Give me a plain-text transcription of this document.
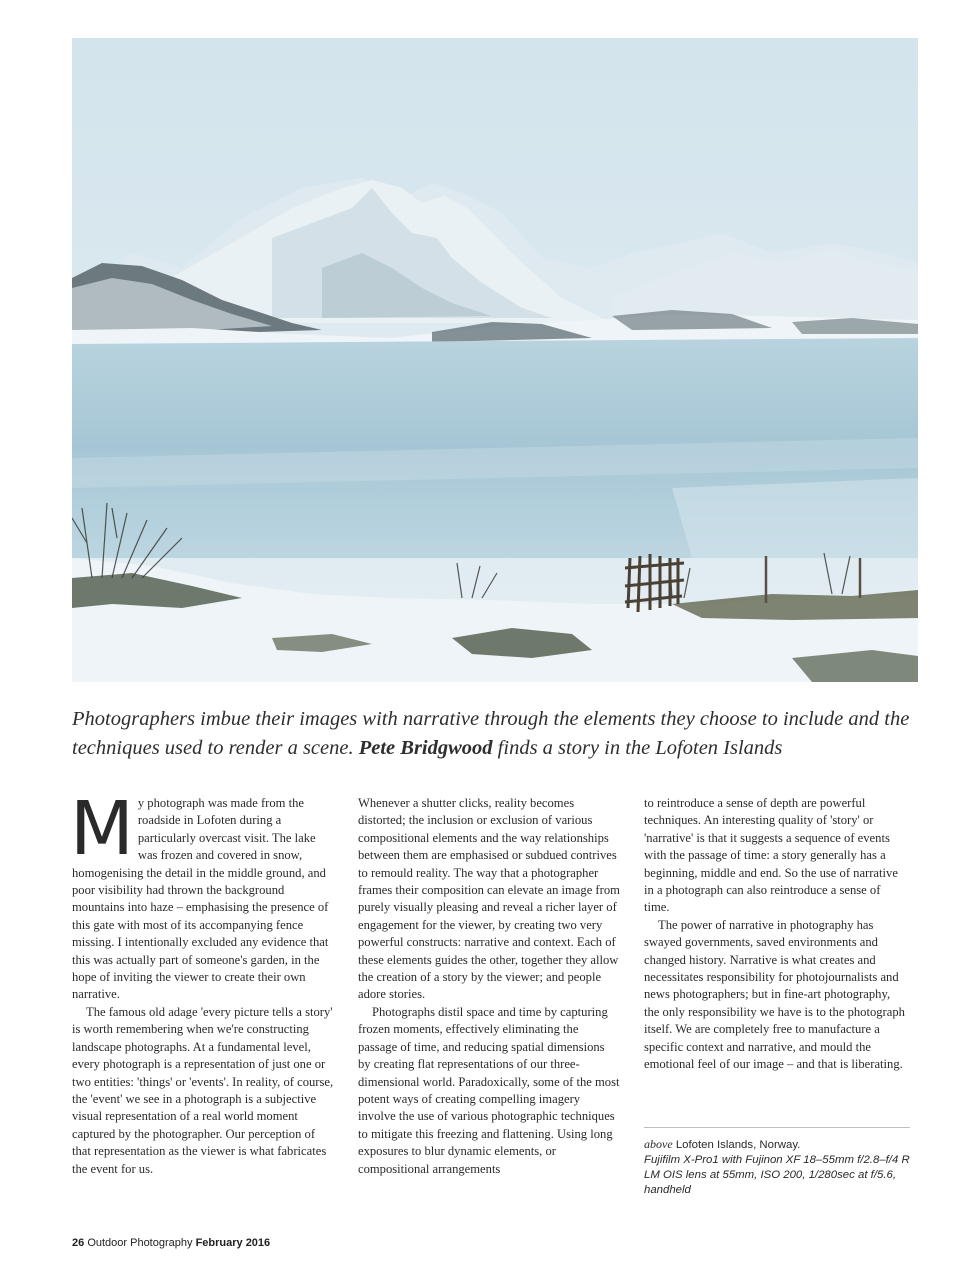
Photographers imbue their images with narrative through the elements they choose to include and the techniques used to render a scene. Pete Bridgwood finds a story in the Lofoten Islands

My photograph was made from the roadside in Lofoten during a particularly overcast visit. The lake was frozen and covered in snow, homogenising the detail in the middle ground, and poor visibility had thrown the background mountains into haze – emphasising the presence of this gate with most of its accompanying fence missing. I intentionally excluded any evidence that this was actually part of someone's garden, in the hope of inviting the viewer to create their own narrative.

The famous old adage 'every picture tells a story' is worth remembering when we're constructing landscape photographs. At a fundamental level, every photograph is a representation of just one or two entities: 'things' or 'events'. In reality, of course, the 'event' we see in a photograph is a subjective visual representation of a real world moment captured by the photographer. Our perception of that representation as the viewer is what fabricates the event for us.

Whenever a shutter clicks, reality becomes distorted; the inclusion or exclusion of various compositional elements and the way relationships between them are emphasised or subdued contrives to remould reality. The way that a photographer frames their composition can elevate an image from purely visually pleasing and reveal a richer layer of engagement for the viewer, by creating two very powerful constructs: narrative and context. Each of these elements guides the other, together they allow the creation of a story by the viewer; and people adore stories.

Photographs distil space and time by capturing frozen moments, effectively eliminating the passage of time, and reducing spatial dimensions by creating flat representations of our three-dimensional world. Paradoxically, some of the most potent ways of creating compelling imagery involve the use of various photographic techniques to mitigate this freezing and flattening. Using long exposures to blur dynamic elements, or compositional arrangements

to reintroduce a sense of depth are powerful techniques. An interesting quality of 'story' or 'narrative' is that it suggests a sequence of events with the passage of time: a story generally has a beginning, middle and end. So the use of narrative in a photograph can also reintroduce a sense of time.

The power of narrative in photography has swayed governments, saved environments and changed history. Narrative is what creates and necessitates responsibility for photojournalists and news photographers; but in fine-art photography, the only responsibility we have is to the photograph itself. We are completely free to manufacture a specific context and narrative, and mould the emotional feel of our image – and that is liberating.

above Lofoten Islands, Norway.
Fujifilm X-Pro1 with Fujinon XF 18–55mm f/2.8–f/4 R LM OIS lens at 55mm, ISO 200, 1/280sec at f/5.6, handheld
26 Outdoor Photography February 2016
